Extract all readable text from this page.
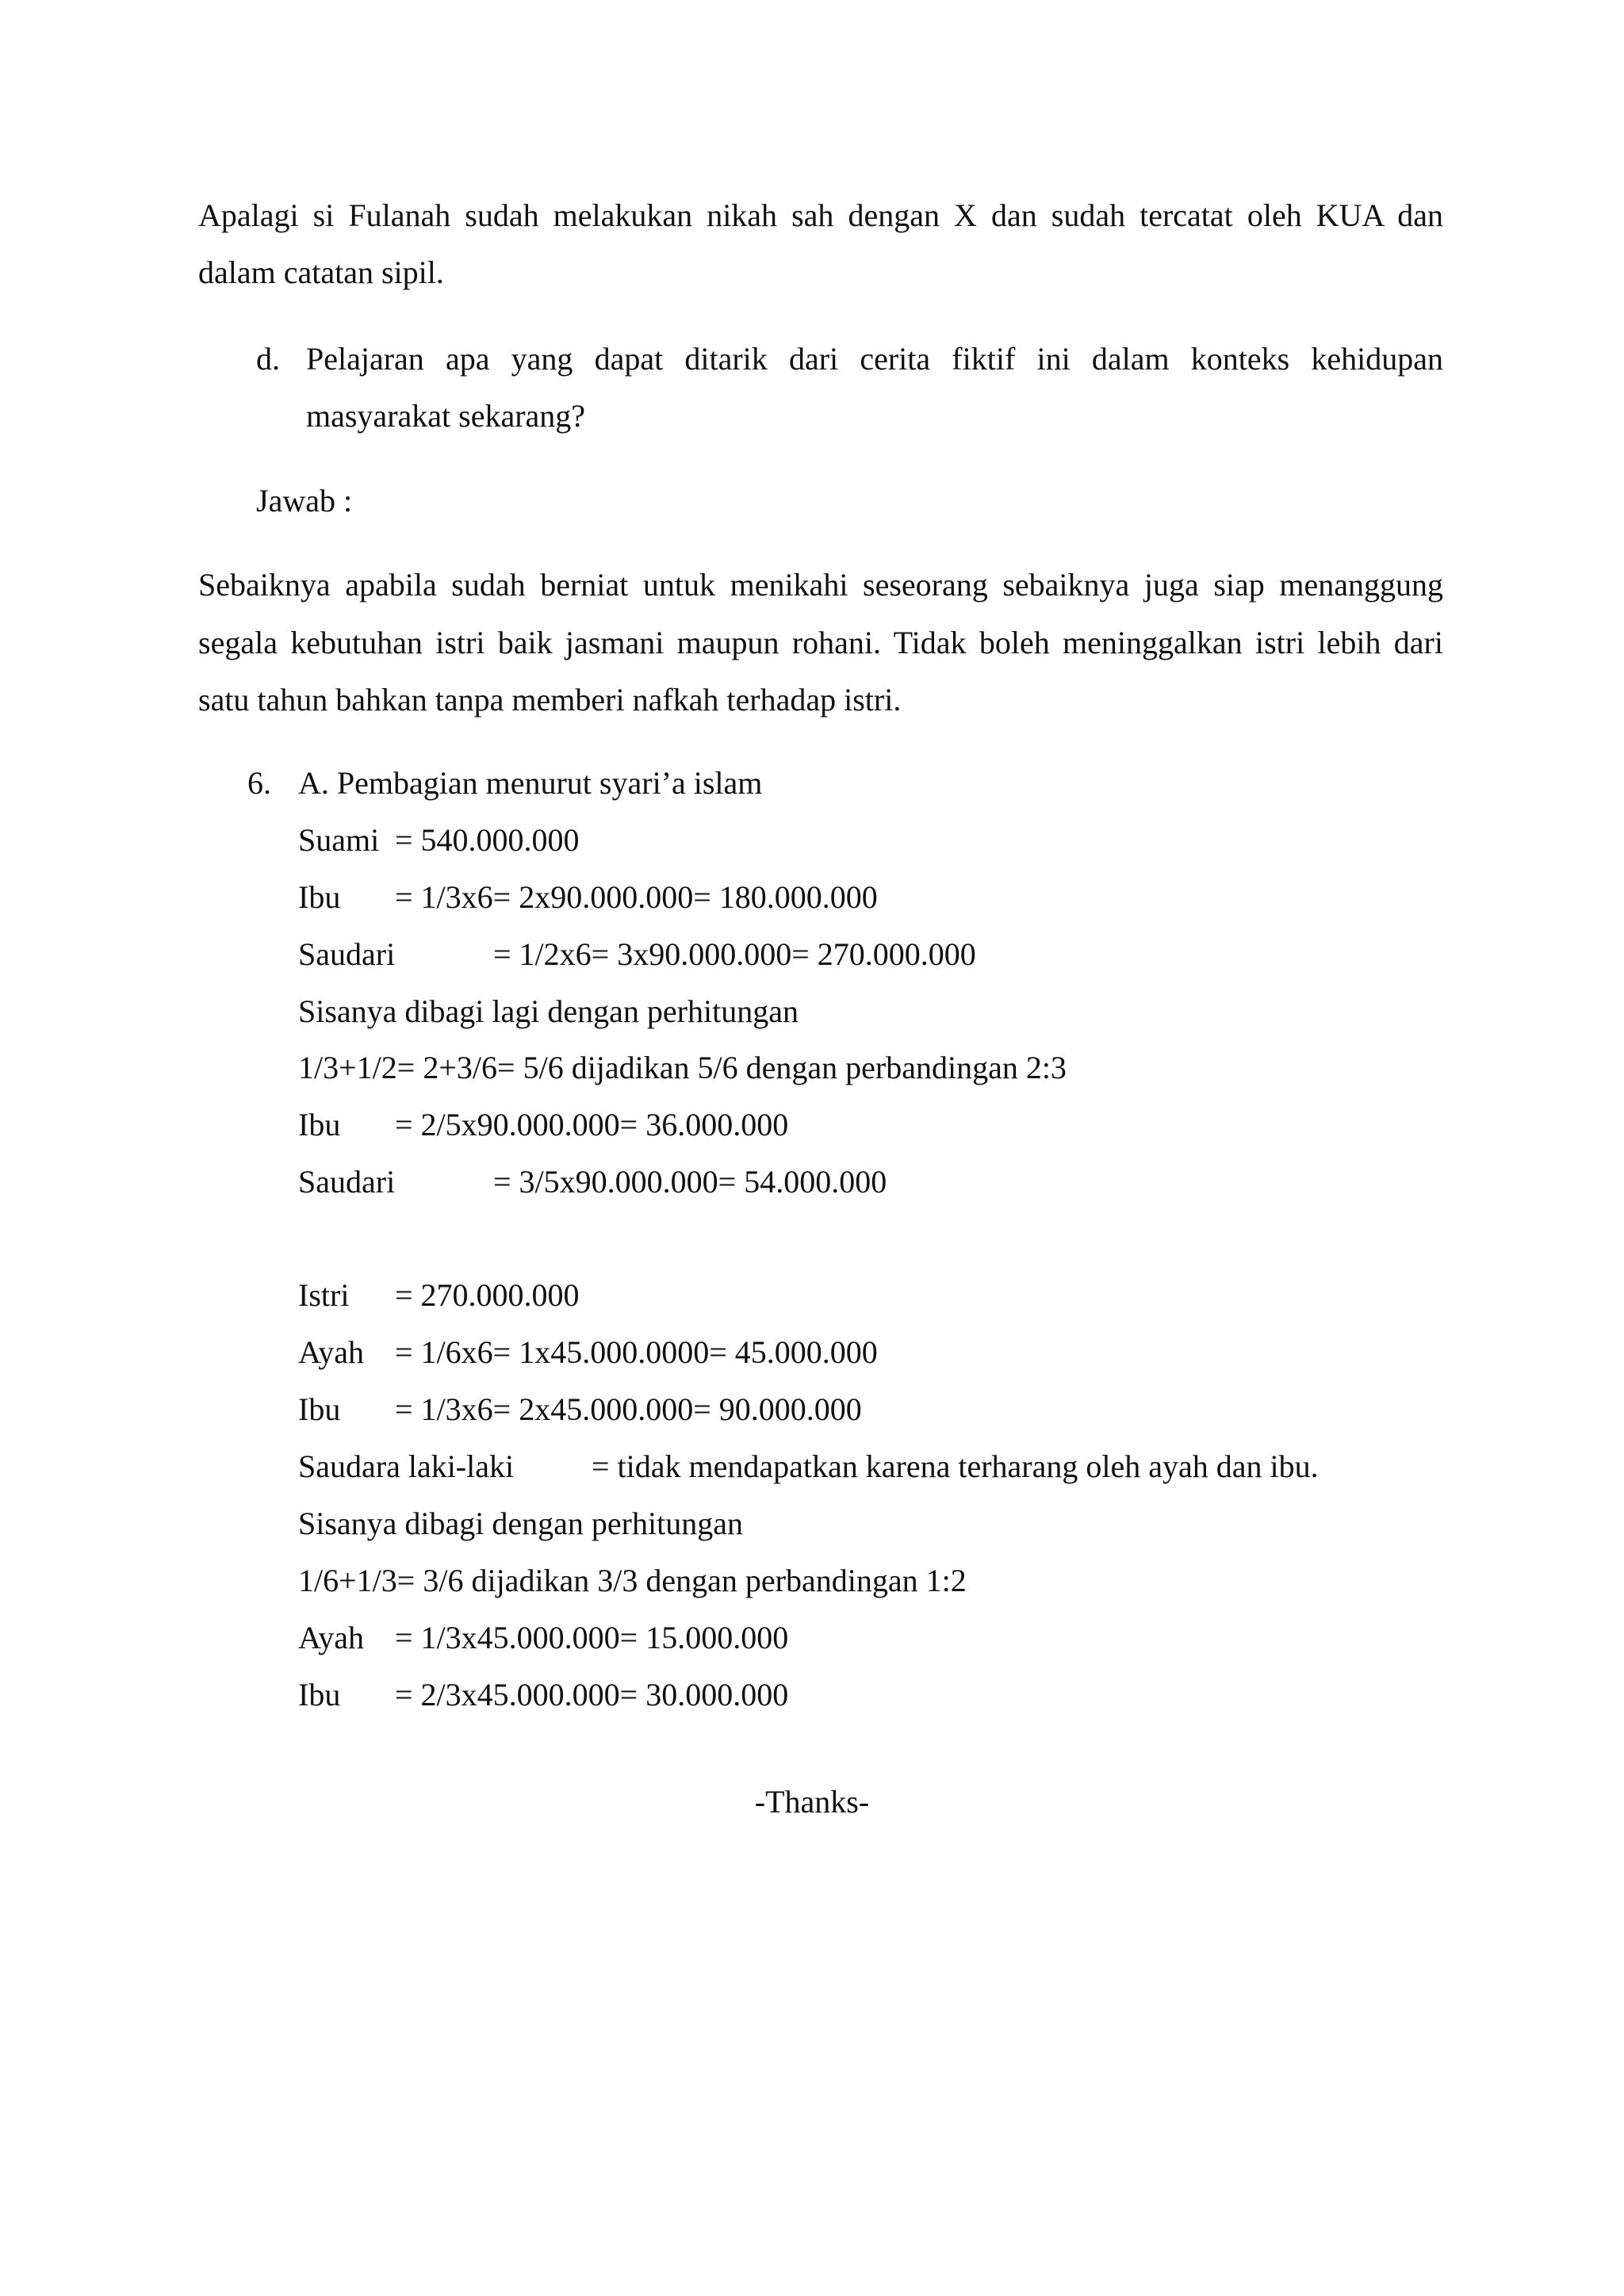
Apalagi si Fulanah sudah melakukan nikah sah dengan X dan sudah tercatat oleh KUA dan

dalam catatan sipil.

d. Pelajaran apa yang dapat ditarik dari cerita fiktif ini dalam konteks kehidupan

masyarakat sekarang?

Jawab :

Sebaiknya apabila sudah berniat untuk menikahi seseorang sebaiknya juga siap menanggung

segala kebutuhan istri baik jasmani maupun rohani. Tidak boleh meninggalkan istri lebih dari

satu tahun bahkan tanpa memberi nafkah terhadap istri.

6. A. Pembagian menurut syari’a islam

Suami = 540.000.000
Ibu = 1/3x6= 2x90.000.000= 180.000.000
Saudari	= 1/2x6= 3x90.000.000= 270.000.000

Sisanya dibagi lagi dengan perhitungan

1/3+1/2= 2+3/6= 5/6 dijadikan 5/6 dengan perbandingan 2:3

Ibu = 2/5x90.000.000= 36.000.000
Saudari	= 3/5x90.000.000= 54.000.000
Istri = 270.000.000
Ayah = 1/6x6= 1x45.000.0000= 45.000.000
Ibu = 1/3x6= 2x45.000.000= 90.000.000
Saudara laki-laki = tidak mendapatkan karena terharang oleh ayah dan ibu.

Sisanya dibagi dengan perhitungan

1/6+1/3= 3/6 dijadikan 3/3 dengan perbandingan 1:2

Ayah = 1/3x45.000.000= 15.000.000
Ibu = 2/3x45.000.000= 30.000.000

-Thanks-
